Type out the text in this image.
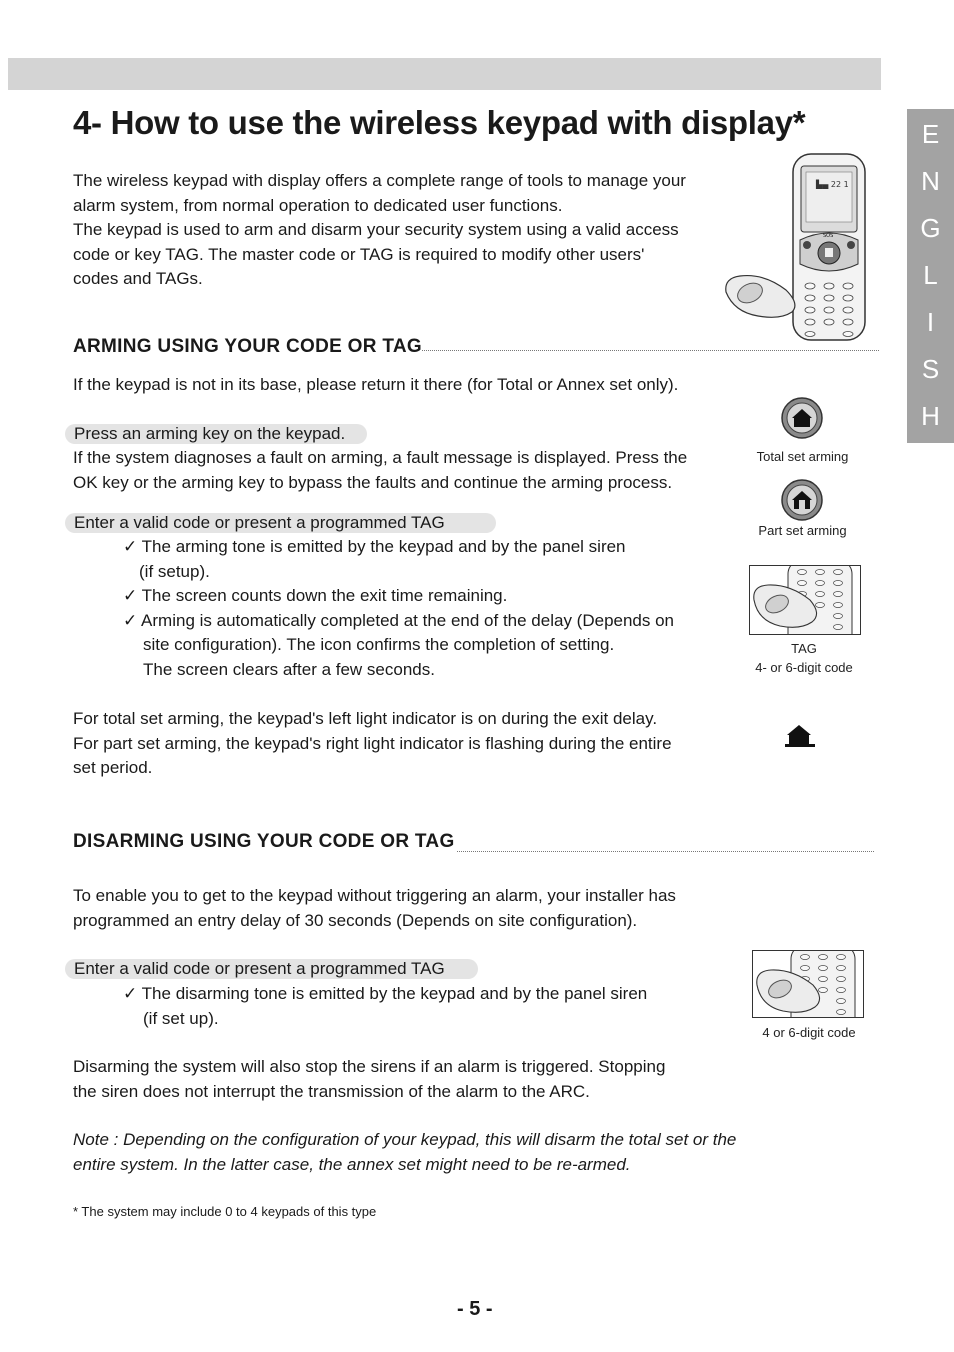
E
N
G
L
I
S
H
4- How to use the wireless keypad with display*
The wireless keypad with display offers a complete range of tools to manage your
alarm system, from normal operation to dedicated user functions.
The keypad is used to arm and disarm your security system using a valid access
code or key TAG. The master code or TAG is required to modify other users'
codes and TAGs.
▙▄ 22 1
SOS
ARMING USING YOUR CODE OR TAG
If the keypad is not in its base, please return it there (for Total or Annex set only).
Press an arming key on the keypad.
If the system diagnoses a fault on arming, a fault message is displayed. Press the
OK key or the arming key to bypass the faults and continue the arming process.
Enter a valid code or present a programmed TAG
✓ The arming tone is emitted by the keypad and by the panel siren
(if setup).
✓ The screen counts down the exit time remaining.
✓ Arming is automatically completed at the end of the delay (Depends on
site configuration). The icon confirms the completion of setting.
The screen clears after a few seconds.
Total set arming
Part set arming
TAG
4- or 6-digit code
For total set arming, the keypad's left light indicator is on during the exit delay.
For part set arming, the keypad's right light indicator is flashing during the entire
set period.
DISARMING USING YOUR CODE OR TAG
To enable you to get to the keypad without triggering an alarm, your installer has
programmed an entry delay of 30 seconds (Depends on site configuration).
Enter a valid code or present a programmed TAG
✓ The disarming tone is emitted by the keypad and by the panel siren
(if set up).
4 or 6-digit code
Disarming the system will also stop the sirens if an alarm is triggered. Stopping
the siren does not interrupt the transmission of the alarm to the ARC.
Note : Depending on the configuration of your keypad, this will disarm the total set or the
entire system. In the latter case, the annex set might need to be re-armed.
* The system may include 0 to 4 keypads of this type
- 5 -
